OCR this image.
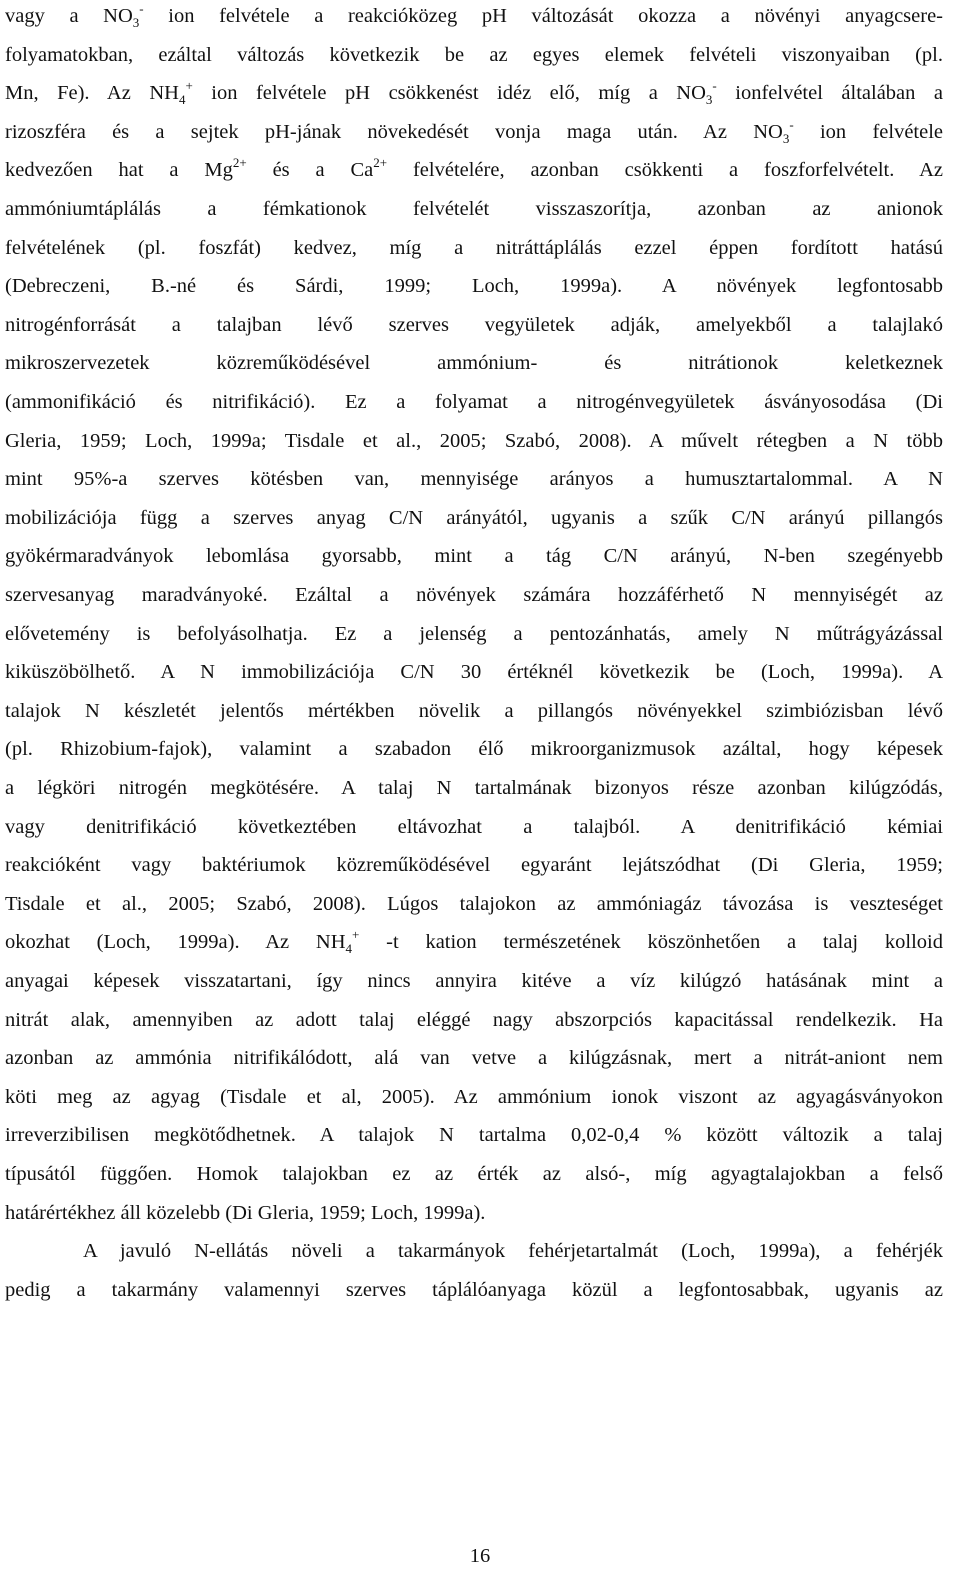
vagy a $NO_3^-$ ion felvétele a reakcióközeg pH változását okozza a növényi anyagcsere-
folyamatokban, ezáltal változás következik be az egyes elemek felvételi viszonyaiban (pl.
Mn, Fe). Az $NH_4^+$ ion felvétele pH csökkenést idéz elő, míg a $NO_3^-$ ionfelvétel általában a
rizoszféra és a sejtek pH-jának növekedését vonja maga után. Az $NO_3^-$ ion felvétele
kedvezően hat a $Mg^{2+}$ és a $Ca^{2+}$ felvételére, azonban csökkenti a foszforfelvételt. Az
ammóniumtáplálás a fémkationok felvételét visszaszorítja, azonban az anionok
felvételének (pl. foszfát) kedvez, míg a nitráttáplálás ezzel éppen fordított hatású
(Debreczeni, B.-né és Sárdi, 1999; Loch, 1999a). A növények legfontosabb
nitrogénforrását a talajban lévő szerves vegyületek adják, amelyekből a talajlakó
mikroszervezetek közreműködésével ammónium- és nitrátionok keletkeznek
(ammonifikáció és nitrifikáció). Ez a folyamat a nitrogénvegyületek ásványosodása (Di
Gleria, 1959; Loch, 1999a; Tisdale et al., 2005; Szabó, 2008). A művelt rétegben a N több
mint 95%-a szerves kötésben van, mennyisége arányos a humusztartalommal. A N
mobilizációja függ a szerves anyag C/N arányától, ugyanis a szűk C/N arányú pillangós
gyökérmaradványok lebomlása gyorsabb, mint a tág C/N arányú, N-ben szegényebb
szervesanyag maradványoké. Ezáltal a növények számára hozzáférhető N mennyiségét az
elővetemény is befolyásolhatja. Ez a jelenség a pentozánhatás, amely N műtrágyázással
kiküszöbölhető. A N immobilizációja C/N 30 értéknél következik be (Loch, 1999a). A
talajok N készletét jelentős mértékben növelik a pillangós növényekkel szimbiózisban lévő
(pl. Rhizobium-fajok), valamint a szabadon élő mikroorganizmusok azáltal, hogy képesek
a légköri nitrogén megkötésére. A talaj N tartalmának bizonyos része azonban kilúgzódás,
vagy denitrifikáció következtében eltávozhat a talajból. A denitrifikáció kémiai
reakcióként vagy baktériumok közreműködésével egyaránt lejátszódhat (Di Gleria, 1959;
Tisdale et al., 2005; Szabó, 2008). Lúgos talajokon az ammóniagáz távozása is veszteséget
okozhat (Loch, 1999a). Az $NH_4^+$ -t kation természetének köszönhetően a talaj kolloid
anyagai képesek visszatartani, így nincs annyira kitéve a víz kilúgzó hatásának mint a
nitrát alak, amennyiben az adott talaj eléggé nagy abszorpciós kapacitással rendelkezik. Ha
azonban az ammónia nitrifikálódott, alá van vetve a kilúgzásnak, mert a nitrát-aniont nem
köti meg az agyag (Tisdale et al, 2005). Az ammónium ionok viszont az agyagásványokon
irreverzibilisen megkötődhetnek. A talajok N tartalma 0,02-0,4 % között változik a talaj
típusától függően. Homok talajokban ez az érték az alsó-, míg agyagtalajokban a felső
határértékhez áll közelebb (Di Gleria, 1959; Loch, 1999a).
A javuló N-ellátás növeli a takarmányok fehérjetartalmát (Loch, 1999a), a fehérjék
pedig a takarmány valamennyi szerves táplálóanyaga közül a legfontosabbak, ugyanis az
16
